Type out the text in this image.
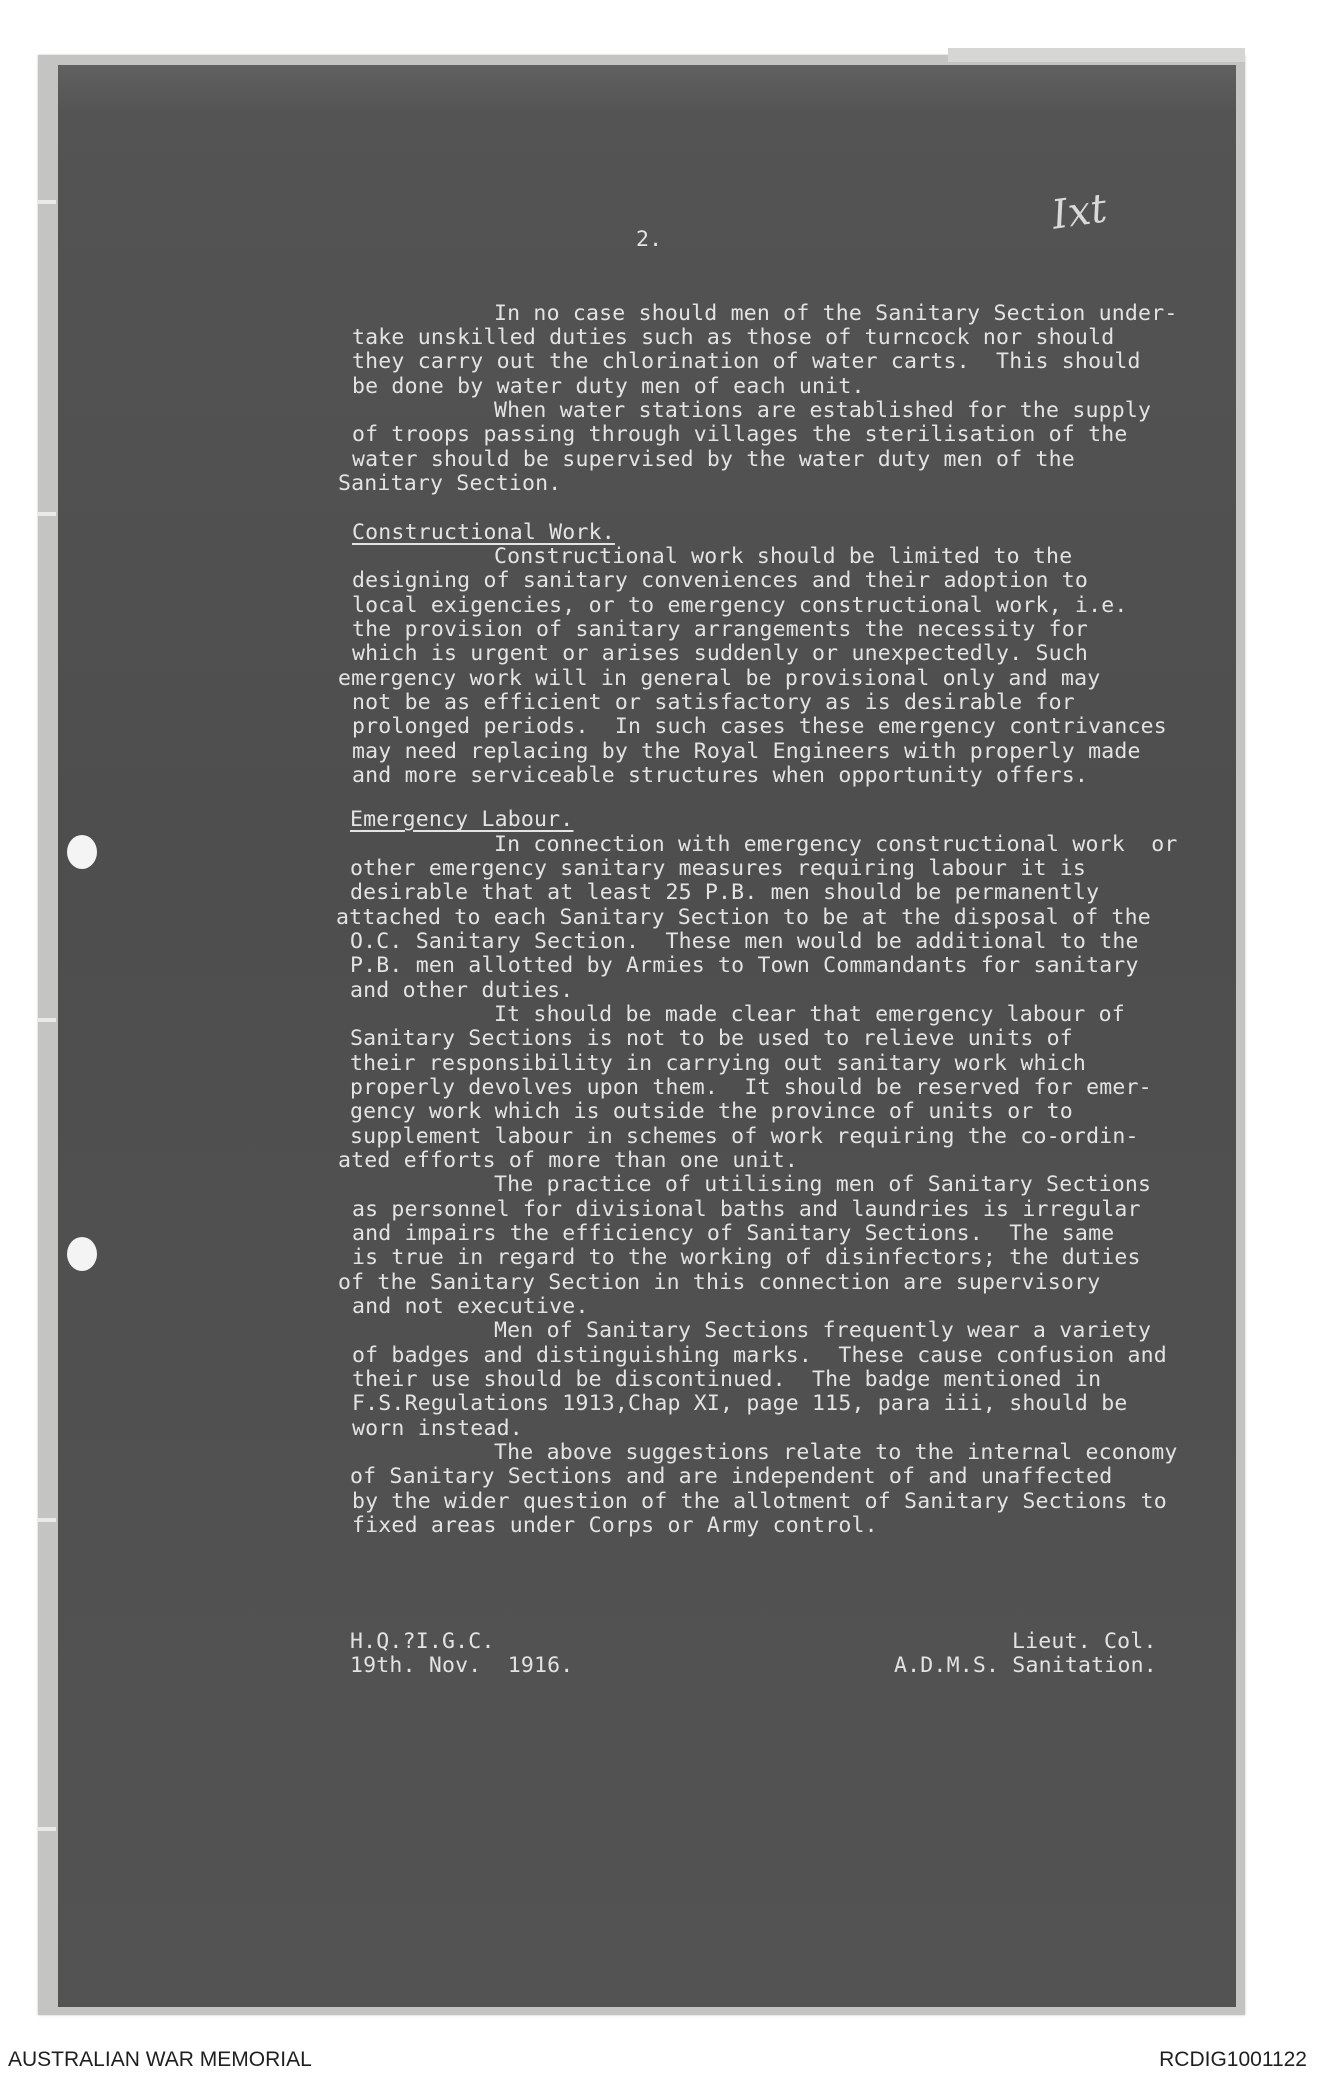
2.
Ixt
In no case should men of the Sanitary Section under-
take unskilled duties such as those of turncock nor should
they carry out the chlorination of water carts.  This should
be done by water duty men of each unit.
When water stations are established for the supply
of troops passing through villages the sterilisation of the
water should be supervised by the water duty men of the
Sanitary Section.
Constructional Work.
Constructional work should be limited to the
designing of sanitary conveniences and their adoption to
local exigencies, or to emergency constructional work, i.e.
the provision of sanitary arrangements the necessity for
which is urgent or arises suddenly or unexpectedly. Such
emergency work will in general be provisional only and may
not be as efficient or satisfactory as is desirable for
prolonged periods.  In such cases these emergency contrivances
may need replacing by the Royal Engineers with properly made
and more serviceable structures when opportunity offers.
Emergency Labour.
In connection with emergency constructional work  or
other emergency sanitary measures requiring labour it is
desirable that at least 25 P.B. men should be permanently
attached to each Sanitary Section to be at the disposal of the
O.C. Sanitary Section.  These men would be additional to the
P.B. men allotted by Armies to Town Commandants for sanitary
and other duties.
It should be made clear that emergency labour of
Sanitary Sections is not to be used to relieve units of
their responsibility in carrying out sanitary work which
properly devolves upon them.  It should be reserved for emer-
gency work which is outside the province of units or to
supplement labour in schemes of work requiring the co-ordin-
ated efforts of more than one unit.
The practice of utilising men of Sanitary Sections
as personnel for divisional baths and laundries is irregular
and impairs the efficiency of Sanitary Sections.  The same
is true in regard to the working of disinfectors; the duties
of the Sanitary Section in this connection are supervisory
and not executive.
Men of Sanitary Sections frequently wear a variety
of badges and distinguishing marks.  These cause confusion and
their use should be discontinued.  The badge mentioned in
F.S.Regulations 1913,Chap XI, page 115, para iii, should be
worn instead.
The above suggestions relate to the internal economy
of Sanitary Sections and are independent of and unaffected
by the wider question of the allotment of Sanitary Sections to
fixed areas under Corps or Army control.
H.Q.?I.G.C.
19th. Nov.  1916.
Lieut. Col.
A.D.M.S. Sanitation.
AUSTRALIAN WAR MEMORIAL	RCDIG1001122
